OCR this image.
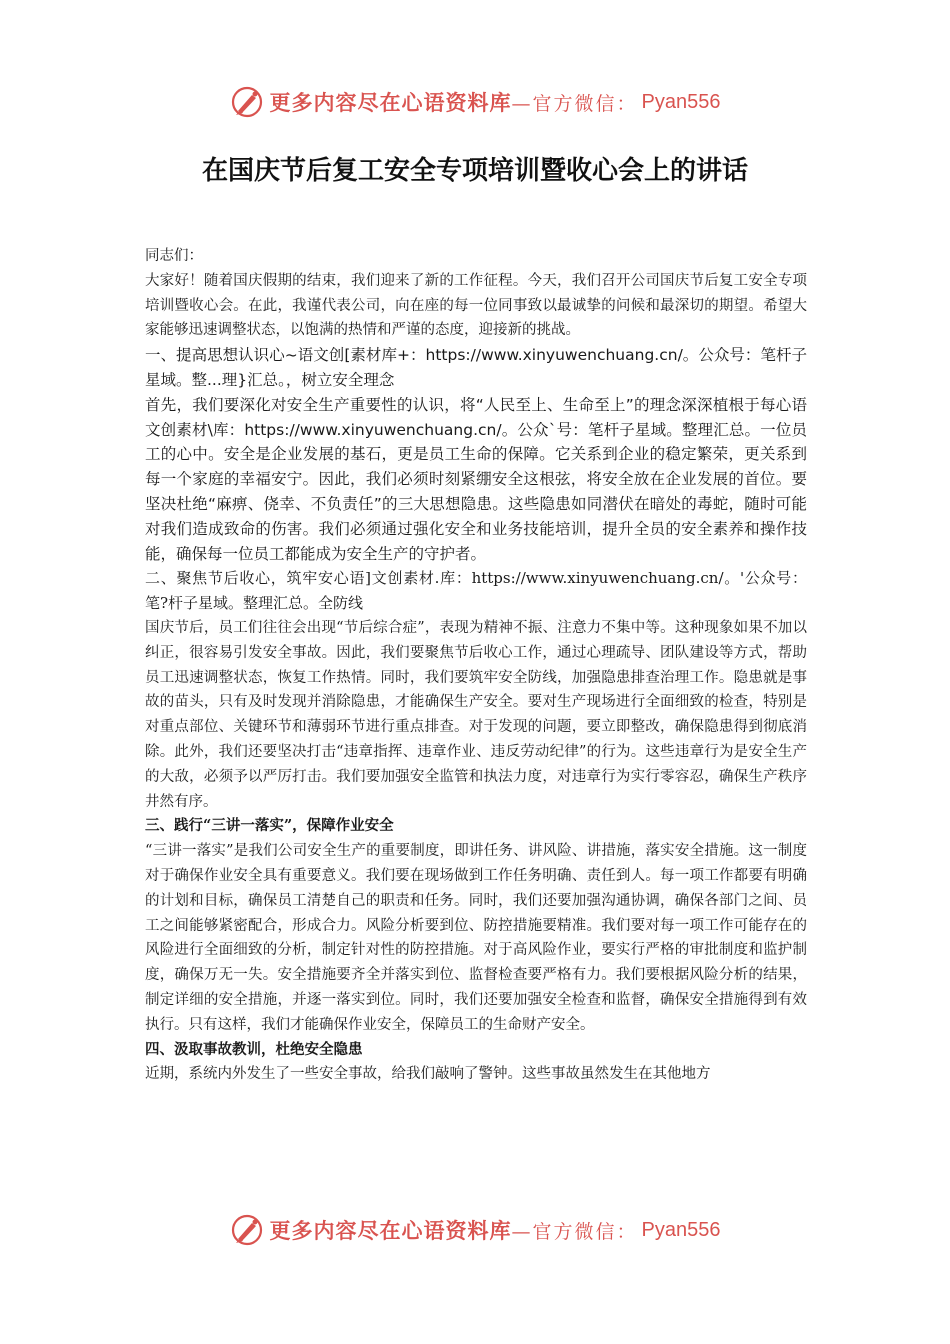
更多内容尽在心语资料库 —官方微信： Pyan556
在国庆节后复工安全专项培训暨收心会上的讲话

同志们：

大家好！随着国庆假期的结束，我们迎来了新的工作征程。今天，我们召开公司国庆节后复工安全专项培训暨收心会。在此，我谨代表公司，向在座的每一位同事致以最诚挚的问候和最深切的期望。希望大家能够迅速调整状态，以饱满的热情和严谨的态度，迎接新的挑战。

一、提高思想认识心~语文创[素材库+：https://www.xinyuwenchuang.cn/。公众号：笔杆子星域。整...理}汇总。，树立安全理念

首先，我们要深化对安全生产重要性的认识，将“人民至上、生命至上”的理念深深植根于每心语文创素材\库：https://www.xinyuwenchuang.cn/。公众`号：笔杆子星域。整理汇总。一位员工的心中。安全是企业发展的基石，更是员工生命的保障。它关系到企业的稳定繁荣，更关系到每一个家庭的幸福安宁。因此，我们必须时刻紧绷安全这根弦，将安全放在企业发展的首位。要坚决杜绝“麻痹、侥幸、不负责任”的三大思想隐患。这些隐患如同潜伏在暗处的毒蛇，随时可能对我们造成致命的伤害。我们必须通过强化安全和业务技能培训，提升全员的安全素养和操作技能，确保每一位员工都能成为安全生产的守护者。

二、聚焦节后收心，筑牢安心语]文创素材.库：https://www.xinyuwenchuang.cn/。'公众号：笔?杆子星域。整理汇总。全防线

国庆节后，员工们往往会出现“节后综合症”，表现为精神不振、注意力不集中等。这种现象如果不加以纠正，很容易引发安全事故。因此，我们要聚焦节后收心工作，通过心理疏导、团队建设等方式，帮助员工迅速调整状态，恢复工作热情。同时，我们要筑牢安全防线，加强隐患排查治理工作。隐患就是事故的苗头，只有及时发现并消除隐患，才能确保生产安全。要对生产现场进行全面细致的检查，特别是对重点部位、关键环节和薄弱环节进行重点排查。对于发现的问题，要立即整改，确保隐患得到彻底消除。此外，我们还要坚决打击“违章指挥、违章作业、违反劳动纪律”的行为。这些违章行为是安全生产的大敌，必须予以严厉打击。我们要加强安全监管和执法力度，对违章行为实行零容忍，确保生产秩序井然有序。

三、践行“三讲一落实”，保障作业安全

“三讲一落实”是我们公司安全生产的重要制度，即讲任务、讲风险、讲措施，落实安全措施。这一制度对于确保作业安全具有重要意义。我们要在现场做到工作任务明确、责任到人。每一项工作都要有明确的计划和目标，确保员工清楚自己的职责和任务。同时，我们还要加强沟通协调，确保各部门之间、员工之间能够紧密配合，形成合力。风险分析要到位、防控措施要精准。我们要对每一项工作可能存在的风险进行全面细致的分析，制定针对性的防控措施。对于高风险作业，要实行严格的审批制度和监护制度，确保万无一失。安全措施要齐全并落实到位、监督检查要严格有力。我们要根据风险分析的结果，制定详细的安全措施，并逐一落实到位。同时，我们还要加强安全检查和监督，确保安全措施得到有效执行。只有这样，我们才能确保作业安全，保障员工的生命财产安全。

四、汲取事故教训，杜绝安全隐患

近期，系统内外发生了一些安全事故，给我们敲响了警钟。这些事故虽然发生在其他地方

更多内容尽在心语资料库 —官方微信： Pyan556
